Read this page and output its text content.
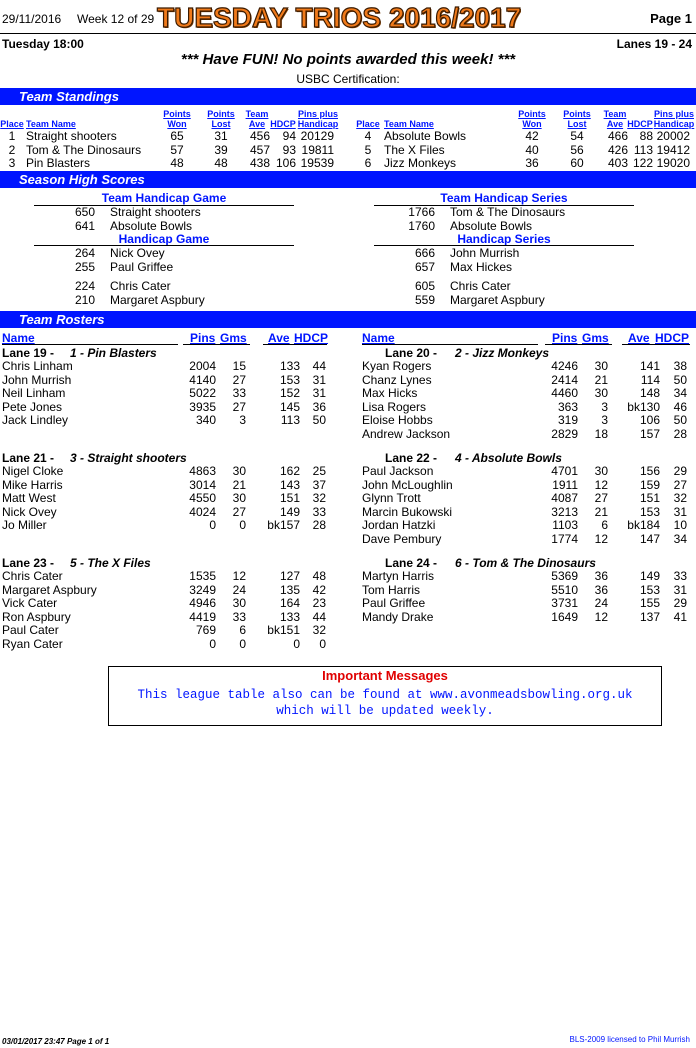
29/11/2016 Week 12 of 29 TUESDAY TRIOS 2016/2017	Page 1
Tuesday 18:00	Lanes 19 - 24
*** Have FUN! No points awarded this week! ***
USBC Certification:
Team Standings
Place Team Name
Points Won
Points Lost
Team Ave HDCP
Pins plus Handicap
1 Straight shooters	65	31	456	94 20129
2 Tom & The Dinosaurs	57	39	457	93 19811
3 Pin Blasters	48	48	438 106 19539
Place Team Name
Points Won
Points Lost
Team Ave HDCP
Pins plus Handicap
4	Absolute Bowls	42	54	466 88 20002
5	The X Files	40	56	426 113 19412
6	Jizz Monkeys	36	60	403 122 19020
Season High Scores
Team Handicap Game	Team Handicap Series
Handicap Game	Handicap Series
650 Straight shooters
641 Absolute Bowls
1766 Tom & The Dinosaurs
1760 Absolute Bowls
264 Nick Ovey
255 Paul Griffee
666 John Murrish
657 Max Hickes
224 Chris Cater
210 Margaret Aspbury
605 Chris Cater
559 Margaret Aspbury
Team Rosters
Name	Pins Gms Ave HDCP	Name	Pins Gms Ave HDCP
Lane 19 - 1 - Pin Blasters
Chris Linham	2004	15	133	44
John Murrish	4140	27	153	31
Neil Linham	5022	33	152	31
Pete Jones	3935	27	145	36
Jack Lindley	340	3	113	50
Lane 20 - 2 - Jizz Monkeys
Kyan Rogers	4246	30	141	38
Chanz Lynes	2414	21	114	50
Max Hicks	4460	30	148	34
Lisa Rogers	363	3	bk130	46
Eloise Hobbs	319	3	106	50
Andrew Jackson	2829	18	157	28
Lane 21 - 3 - Straight shooters
Nigel Cloke	4863	30	162	25
Mike Harris	3014	21	143	37
Matt West	4550	30	151	32
Nick Ovey	4024	27	149	33
Jo Miller	0	0	bk157	28
Lane 22 - 4 - Absolute Bowls
Paul Jackson	4701	30	156	29
John McLoughlin	1911	12	159	27
Glynn Trott	4087	27	151	32
Marcin Bukowski	3213	21	153	31
Jordan Hatzki	1103	6	bk184	10
Dave Pembury	1774	12	147	34
Lane 23 - 5 - The X Files
Chris Cater	1535	12	127	48
Margaret Aspbury	3249	24	135	42
Vick Cater	4946	30	164	23
Ron Aspbury	4419	33	133	44
Paul Cater	769	6	bk151	32
Ryan Cater	0	0	0	0
Lane 24 - 6 - Tom & The Dinosaurs
Martyn Harris	5369	36	149	33
Tom Harris	5510	36	153	31
Paul Griffee	3731	24	155	29
Mandy Drake	1649	12	137	41
Important Messages
This league table also can be found at www.avonmeadsbowling.org.uk
which will be updated weekly.
03/01/2017 23:47 Page 1 of 1	BLS-2009 licensed to Phil Murrish
